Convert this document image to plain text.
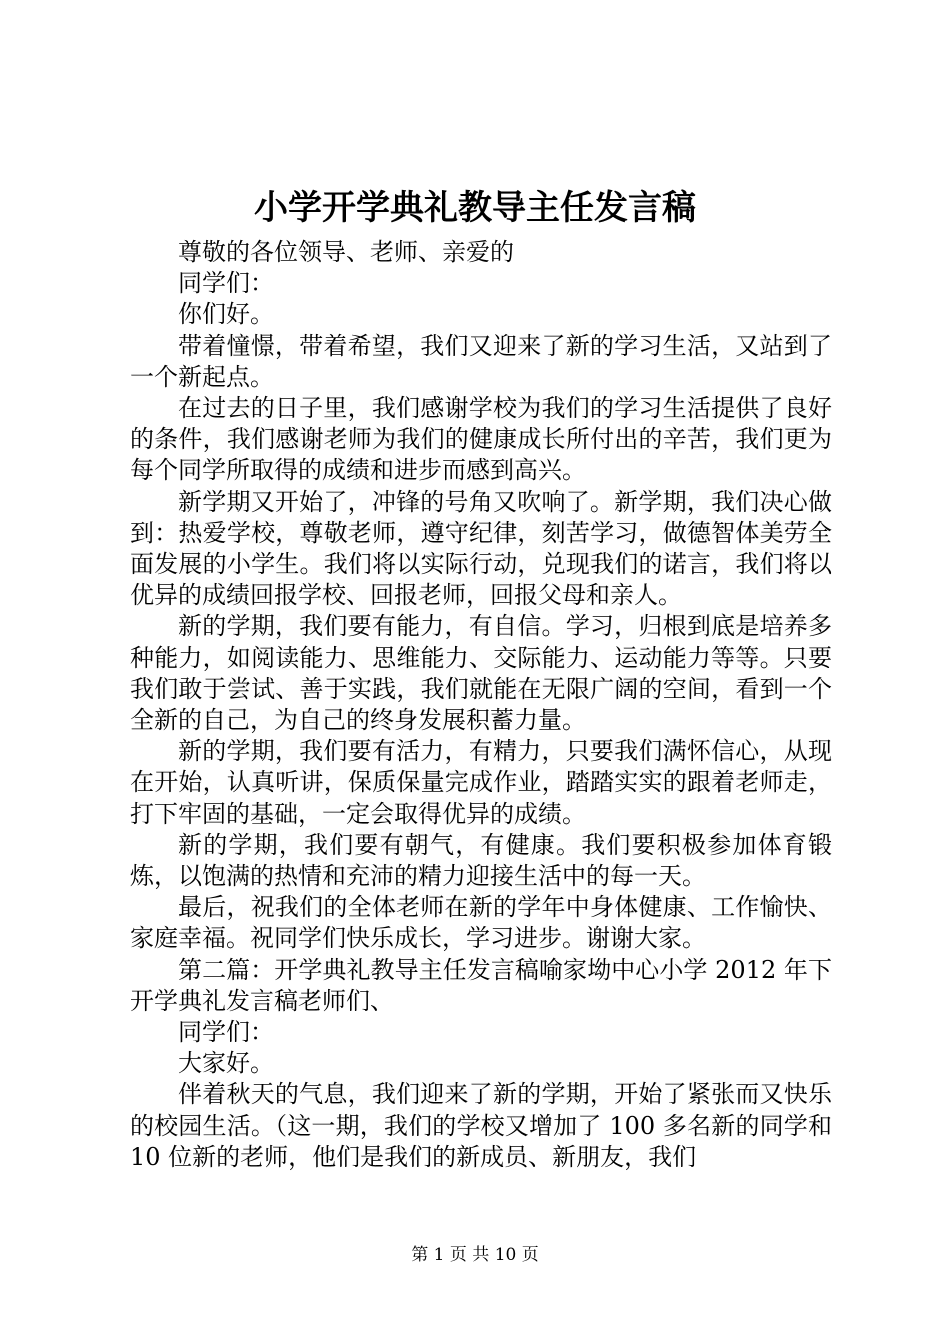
小学开学典礼教导主任发言稿

尊敬的各位领导、老师、亲爱的

同学们：

你们好。

带着憧憬，带着希望，我们又迎来了新的学习生活，又站到了一个新起点。

在过去的日子里，我们感谢学校为我们的学习生活提供了良好的条件，我们感谢老师为我们的健康成长所付出的辛苦，我们更为每个同学所取得的成绩和进步而感到高兴。

新学期又开始了，冲锋的号角又吹响了。新学期，我们决心做到：热爱学校，尊敬老师，遵守纪律，刻苦学习，做德智体美劳全面发展的小学生。我们将以实际行动，兑现我们的诺言，我们将以优异的成绩回报学校、回报老师，回报父母和亲人。

新的学期，我们要有能力，有自信。学习，归根到底是培养多种能力，如阅读能力、思维能力、交际能力、运动能力等等。只要我们敢于尝试、善于实践，我们就能在无限广阔的空间，看到一个全新的自己，为自己的终身发展积蓄力量。

新的学期，我们要有活力，有精力，只要我们满怀信心，从现在开始，认真听讲，保质保量完成作业，踏踏实实的跟着老师走，打下牢固的基础，一定会取得优异的成绩。

新的学期，我们要有朝气，有健康。我们要积极参加体育锻炼，以饱满的热情和充沛的精力迎接生活中的每一天。

最后，祝我们的全体老师在新的学年中身体健康、工作愉快、家庭幸福。祝同学们快乐成长，学习进步。谢谢大家。

第二篇：开学典礼教导主任发言稿喻家坳中心小学 2012 年下开学典礼发言稿老师们、

同学们：

大家好。

伴着秋天的气息，我们迎来了新的学期，开始了紧张而又快乐的校园生活。（这一期，我们的学校又增加了 100 多名新的同学和 10 位新的老师，他们是我们的新成员、新朋友，我们

第 1 页 共 10 页
